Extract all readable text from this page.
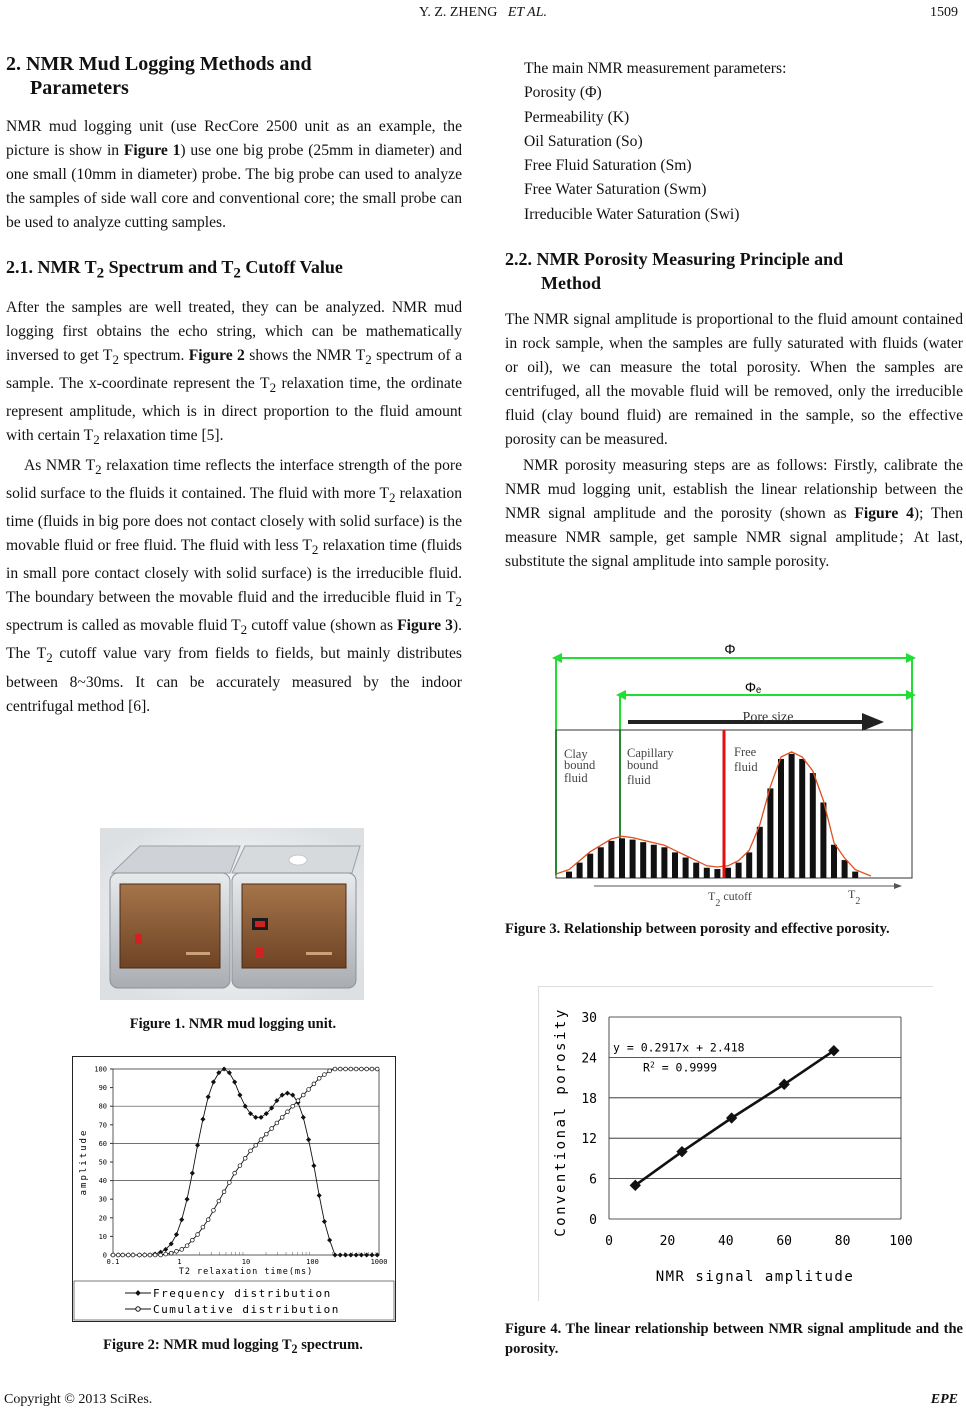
Y. Z. ZHENG ET AL.	1509
2. NMR Mud Logging Methods and
Parameters

NMR mud logging unit (use RecCore 2500 unit as an example, the picture is show in Figure 1) use one big probe (25mm in diameter) and one small (10mm in diameter) probe. The big probe can used to analyze the samples of side wall core and conventional core; the small probe can be used to analyze cutting samples.

2.1. NMR $T_2$ Spectrum and $T_2$ Cutoff Value

After the samples are well treated, they can be analyzed. NMR mud logging first obtains the echo string, which can be mathematically inversed to get $T_2$ spectrum. Figure 2 shows the NMR $T_2$ spectrum of a sample. The x-coordinate represent the $T_2$ relaxation time, the ordinate represent amplitude, which is in direct proportion to the fluid amount with certain $T_2$ relaxation time [5].

As NMR $T_2$ relaxation time reflects the interface strength of the pore solid surface to the fluids it contained. The fluid with more $T_2$ relaxation time (fluids in big pore does not contact closely with solid surface) is the movable fluid or free fluid. The fluid with less $T_2$ relaxation time (fluids in small pore contact closely with solid surface) is the irreducible fluid. The boundary between the movable fluid and the irreducible fluid in $T_2$ spectrum is called as movable fluid $T_2$ cutoff value (shown as Figure 3). The $T_2$ cutoff value vary from fields to fields, but mainly distributes between 8~30ms. It can be accurately measured by the indoor centrifugal method [6].

Figure 1. NMR mud logging unit.
0
10
20
30
40
50
60
70
80
90
100
0.1	1	10	100	1000
T2 relaxation time(ms)
amplitude
Frequency distribution
Cumulative distribution
Figure 2: NMR mud logging $T_2$ spectrum.
The main NMR measurement parameters:
Porosity (Φ)
Permeability (K)
Oil Saturation (So)
Free Fluid Saturation (Sm)
Free Water Saturation (Swm)
Irreducible Water Saturation (Swi)
2.2. NMR Porosity Measuring Principle and
Method

The NMR signal amplitude is proportional to the fluid amount contained in rock sample, when the samples are fully saturated with fluids (water or oil), we can measure the total porosity. When the samples are centrifuged, all the movable fluid will be removed, only the irreducible fluid (clay bound fluid) are remained in the sample, so the effective porosity can be measured.

NMR porosity measuring steps are as follows: Firstly, calibrate the NMR mud logging unit, establish the linear relationship between the NMR signal amplitude and the porosity (shown as Figure 4); Then measure NMR sample, get sample NMR signal amplitude；At last, substitute the signal amplitude into sample porosity.

Φ
Φₑ
Pore size
Clay
bound
fluid
Capillary
bound
fluid
Free
fluid
$T_2$ cutoff	$T_2$
Figure 3. Relationship between porosity and effective porosity.
0
6
12
18
24
30
0	20	40	60	80	100
NMR signal amplitude
Conventional porosity	y = 0.2917x + 2.418
$R^2 = 0.9999$
Figure 4. The linear relationship between NMR signal amplitude and the porosity.
Copyright © 2013 SciRes.	EPE
